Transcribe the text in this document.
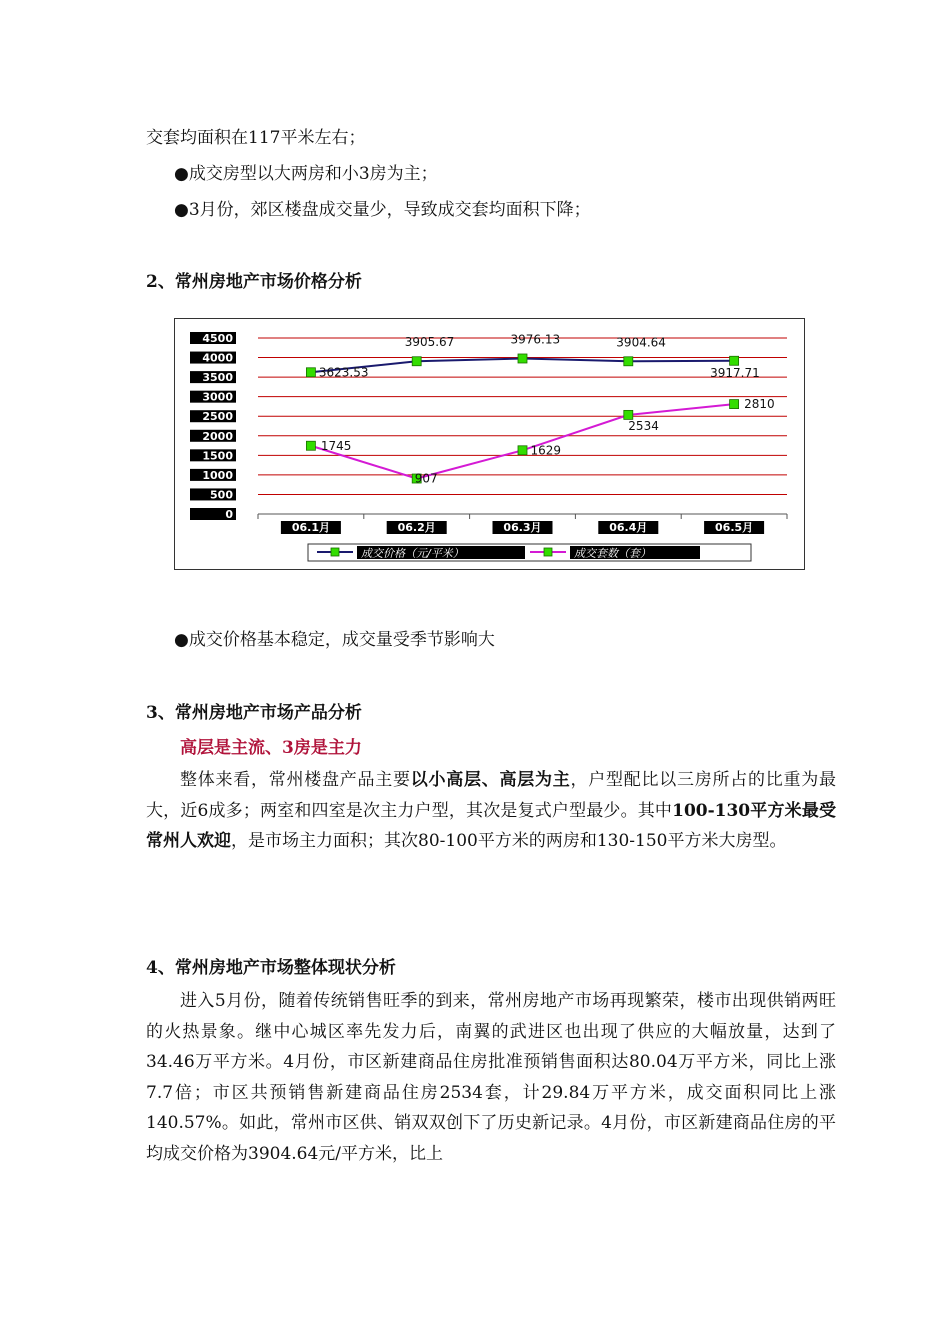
交套均面积在117平米左右；
●成交房型以大两房和小3房为主；
●3月份，郊区楼盘成交量少，导致成交套均面积下降；
2、常州房地产市场价格分析
0
500
1000
1500
2000
2500
3000
3500
4000
4500
06.1月	06.2月	06.3月	06.4月	06.5月
3623.53
3905.67	3976.13	3904.64
3917.71
1745
907
1629
2534
2810
成交价格（元/平米）	成交套数（套）
●成交价格基本稳定，成交量受季节影响大
3、常州房地产市场产品分析
高层是主流、3房是主力
整体来看，常州楼盘产品主要以小高层、高层为主，户型配比以三房所占的比重为最大，近6成多；两室和四室是次主力户型，其次是复式户型最少。其中100-130平方米最受常州人欢迎，是市场主力面积；其次80-100平方米的两房和130-150平方米大房型。
4、常州房地产市场整体现状分析
进入5月份，随着传统销售旺季的到来，常州房地产市场再现繁荣，楼市出现供销两旺的火热景象。继中心城区率先发力后，南翼的武进区也出现了供应的大幅放量，达到了34.46万平方米。4月份，市区新建商品住房批准预销售面积达80.04万平方米，同比上涨7.7倍；市区共预销售新建商品住房2534套，计29.84万平方米，成交面积同比上涨140.57%。如此，常州市区供、销双双创下了历史新记录。4月份，市区新建商品住房的平均成交价格为3904.64元/平方米，比上
